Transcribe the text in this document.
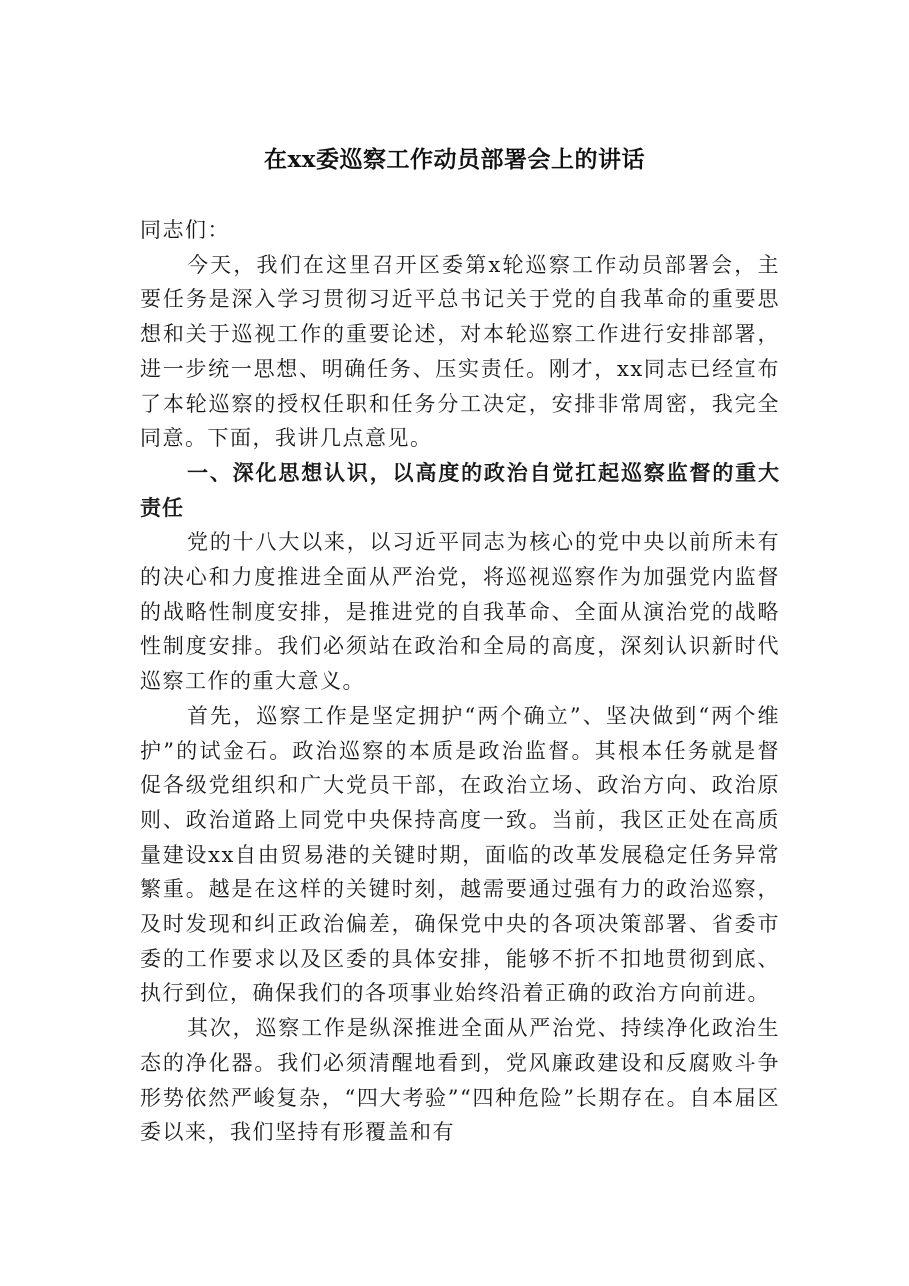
在xx委巡察工作动员部署会上的讲话

同志们：

今天，我们在这里召开区委第x轮巡察工作动员部署会，主要任务是深入学习贯彻习近平总书记关于党的自我革命的重要思想和关于巡视工作的重要论述，对本轮巡察工作进行安排部署，进一步统一思想、明确任务、压实责任。刚才，xx同志已经宣布了本轮巡察的授权任职和任务分工决定，安排非常周密，我完全同意。下面，我讲几点意见。

一、深化思想认识，以高度的政治自觉扛起巡察监督的重大责任

党的十八大以来，以习近平同志为核心的党中央以前所未有的决心和力度推进全面从严治党，将巡视巡察作为加强党内监督的战略性制度安排，是推进党的自我革命、全面从演治党的战略性制度安排。我们必须站在政治和全局的高度，深刻认识新时代巡察工作的重大意义。

首先，巡察工作是坚定拥护“两个确立”、坚决做到“两个维护”的试金石。政治巡察的本质是政治监督。其根本任务就是督促各级党组织和广大党员干部，在政治立场、政治方向、政治原则、政治道路上同党中央保持高度一致。当前，我区正处在高质量建设xx自由贸易港的关键时期，面临的改革发展稳定任务异常繁重。越是在这样的关键时刻，越需要通过强有力的政治巡察，及时发现和纠正政治偏差，确保党中央的各项决策部署、省委市委的工作要求以及区委的具体安排，能够不折不扣地贯彻到底、执行到位，确保我们的各项事业始终沿着正确的政治方向前进。

其次，巡察工作是纵深推进全面从严治党、持续净化政治生态的净化器。我们必须清醒地看到，党风廉政建设和反腐败斗争形势依然严峻复杂，“四大考验”“四种危险”长期存在。自本届区委以来，我们坚持有形覆盖和有
